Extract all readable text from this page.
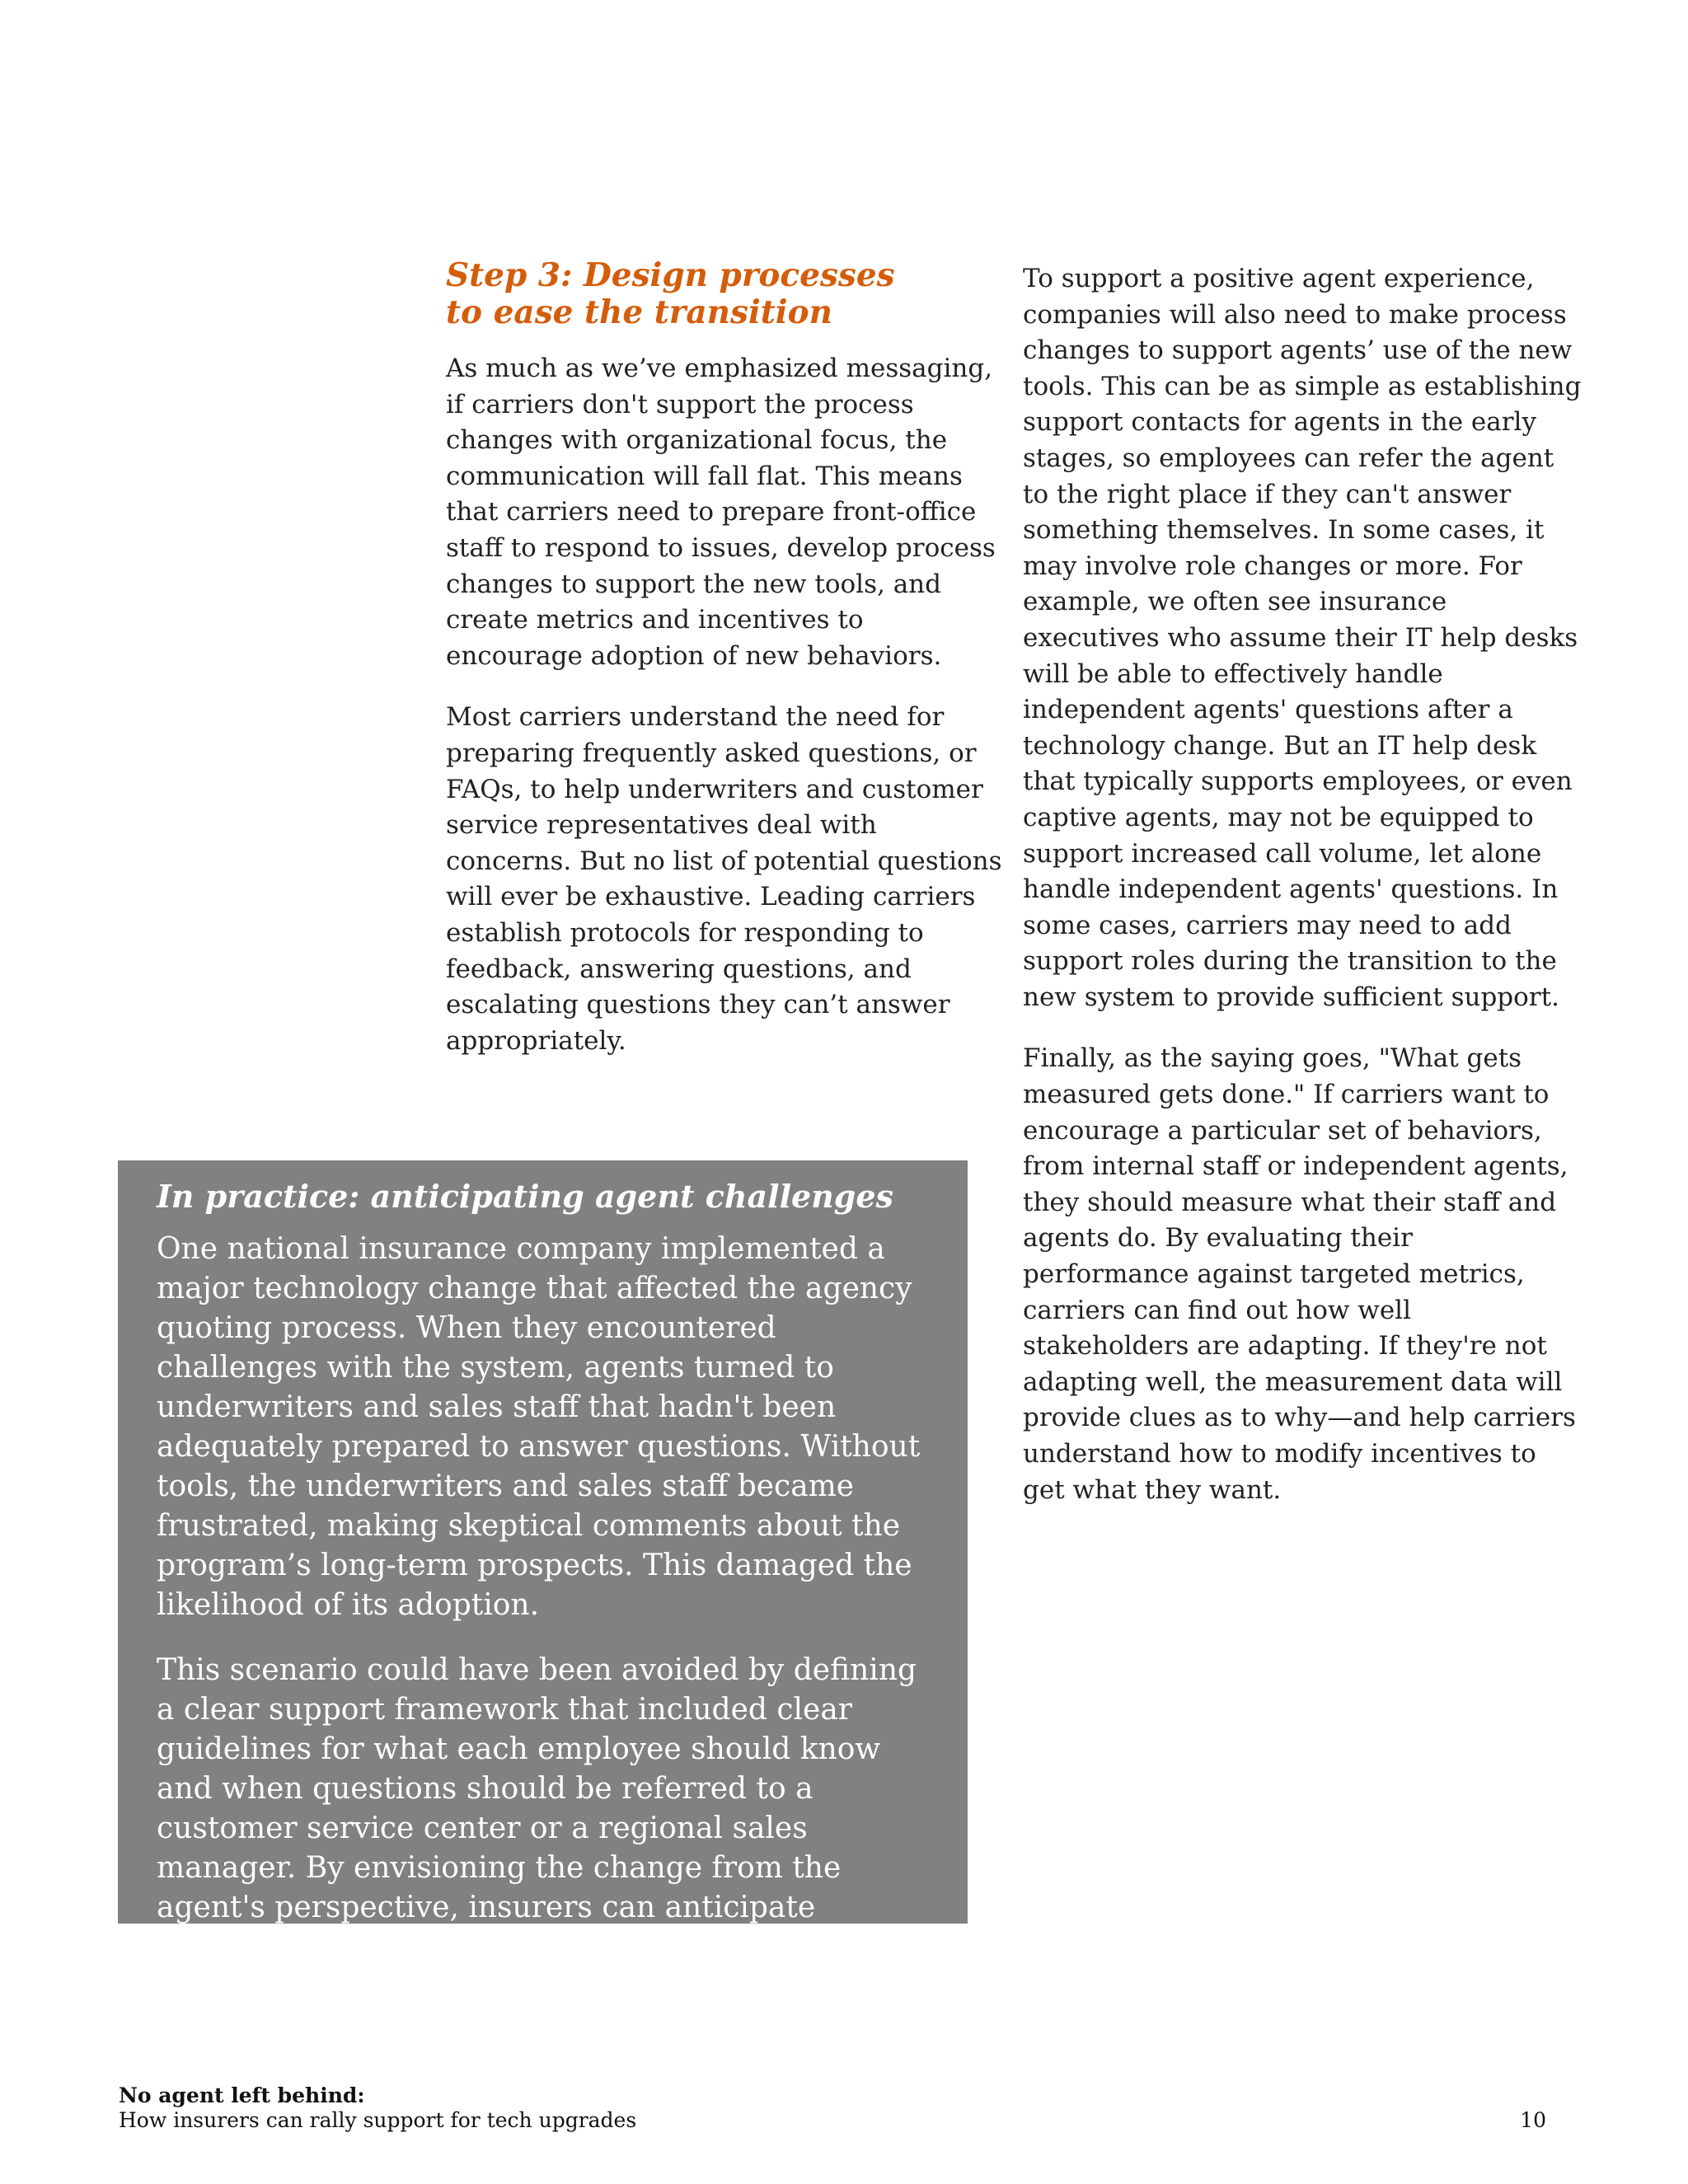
Step 3: Design processes to ease the transition

As much as we’ve emphasized messaging, if carriers don't support the process changes with organizational focus, the communication will fall flat. This means that carriers need to prepare front-office staff to respond to issues, develop process changes to support the new tools, and create metrics and incentives to encourage adoption of new behaviors.

Most carriers understand the need for preparing frequently asked questions, or FAQs, to help underwriters and customer service representatives deal with concerns. But no list of potential questions will ever be exhaustive. Leading carriers establish protocols for responding to feedback, answering questions, and escalating questions they can’t answer appropriately.

To support a positive agent experience, companies will also need to make process changes to support agents’ use of the new tools. This can be as simple as establishing support contacts for agents in the early stages, so employees can refer the agent to the right place if they can't answer something themselves. In some cases, it may involve role changes or more. For example, we often see insurance executives who assume their IT help desks will be able to effectively handle independent agents' questions after a technology change. But an IT help desk that typically supports employees, or even captive agents, may not be equipped to support increased call volume, let alone handle independent agents' questions. In some cases, carriers may need to add support roles during the transition to the new system to provide sufficient support.

Finally, as the saying goes, "What gets measured gets done." If carriers want to encourage a particular set of behaviors, from internal staff or independent agents, they should measure what their staff and agents do. By evaluating their performance against targeted metrics, carriers can find out how well stakeholders are adapting. If they're not adapting well, the measurement data will provide clues as to why—and help carriers understand how to modify incentives to get what they want.

In practice: anticipating agent challenges

One national insurance company implemented a major technology change that affected the agency quoting process. When they encountered challenges with the system, agents turned to underwriters and sales staff that hadn't been adequately prepared to answer questions. Without tools, the underwriters and sales staff became frustrated, making skeptical comments about the program’s long-term prospects. This damaged the likelihood of its adoption.

This scenario could have been avoided by defining a clear support framework that included clear guidelines for what each employee should know and when questions should be referred to a customer service center or a regional sales manager. By envisioning the change from the agent's perspective, insurers can anticipate questions and plan accordingly.

No agent left behind:
How insurers can rally support for tech upgrades	10
